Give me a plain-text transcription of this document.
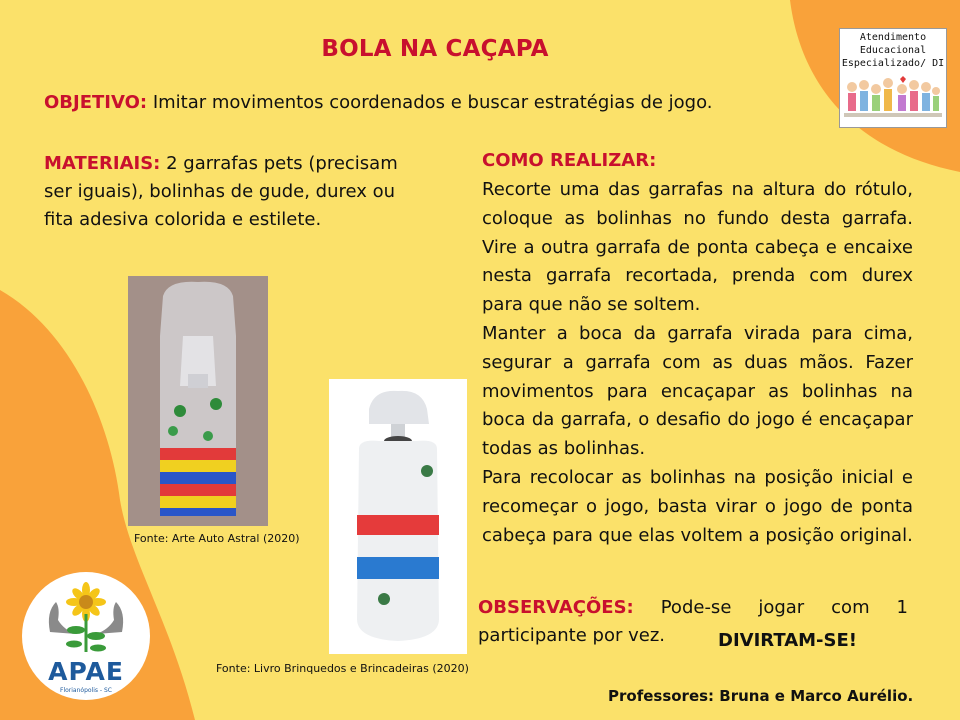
BOLA NA CAÇAPA
OBJETIVO: Imitar movimentos coordenados e buscar estratégias de jogo.
MATERIAIS: 2 garrafas pets (precisam ser iguais), bolinhas de gude, durex ou fita adesiva colorida e estilete.
COMO REALIZAR:

Recorte uma das garrafas na altura do rótulo, coloque as bolinhas no fundo desta garrafa. Vire a outra garrafa de ponta cabeça e encaixe nesta garrafa recortada, prenda com durex para que não se soltem.

Manter a boca da garrafa virada para cima, segurar a garrafa com as duas mãos. Fazer movimentos para encaçapar as bolinhas na boca da garrafa, o desafio do jogo é encaçapar todas as bolinhas.

Para recolocar as bolinhas na posição inicial e recomeçar o jogo, basta virar o jogo de ponta cabeça para que elas voltem a posição original.

Fonte: Arte Auto Astral (2020)
Fonte: Livro Brinquedos e Brincadeiras (2020)
OBSERVAÇÕES: Pode-se jogar com 1 participante por vez.	DIVIRTAM-SE!
Professores: Bruna e Marco Aurélio.
Atendimento
Educacional
Especializado/ DI
APAE
Florianópolis - SC
